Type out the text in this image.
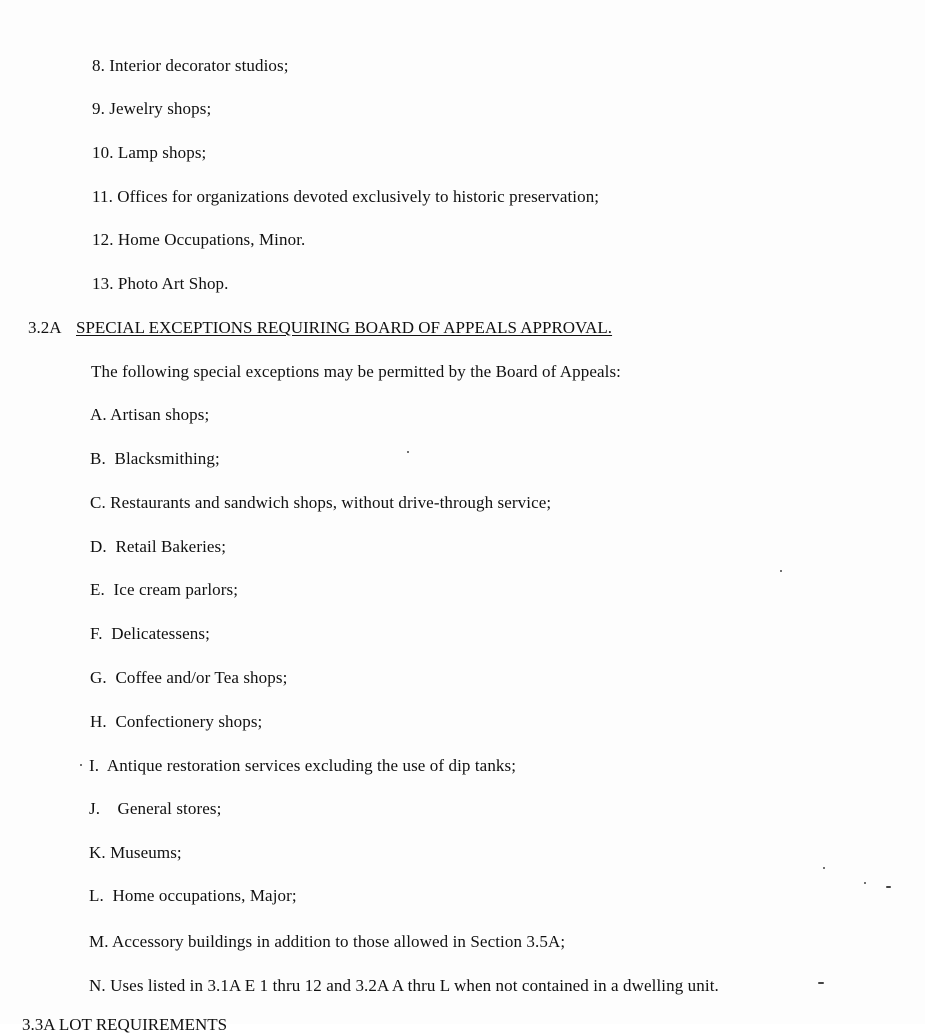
8. Interior decorator studios;
9. Jewelry shops;
10. Lamp shops;
11. Offices for organizations devoted exclusively to historic preservation;
12. Home Occupations, Minor.
13. Photo Art Shop.
3.2A SPECIAL EXCEPTIONS REQUIRING BOARD OF APPEALS APPROVAL.
The following special exceptions may be permitted by the Board of Appeals:
A. Artisan shops;
B. Blacksmithing;
C. Restaurants and sandwich shops, without drive-through service;
D. Retail Bakeries;
E. Ice cream parlors;
F. Delicatessens;
G. Coffee and/or Tea shops;
H. Confectionery shops;
I. Antique restoration services excluding the use of dip tanks;
J. General stores;
K. Museums;
L. Home occupations, Major;
M. Accessory buildings in addition to those allowed in Section 3.5A;
N. Uses listed in 3.1A E 1 thru 12 and 3.2A A thru L when not contained in a dwelling unit.
3.3A LOT REQUIREMENTS
